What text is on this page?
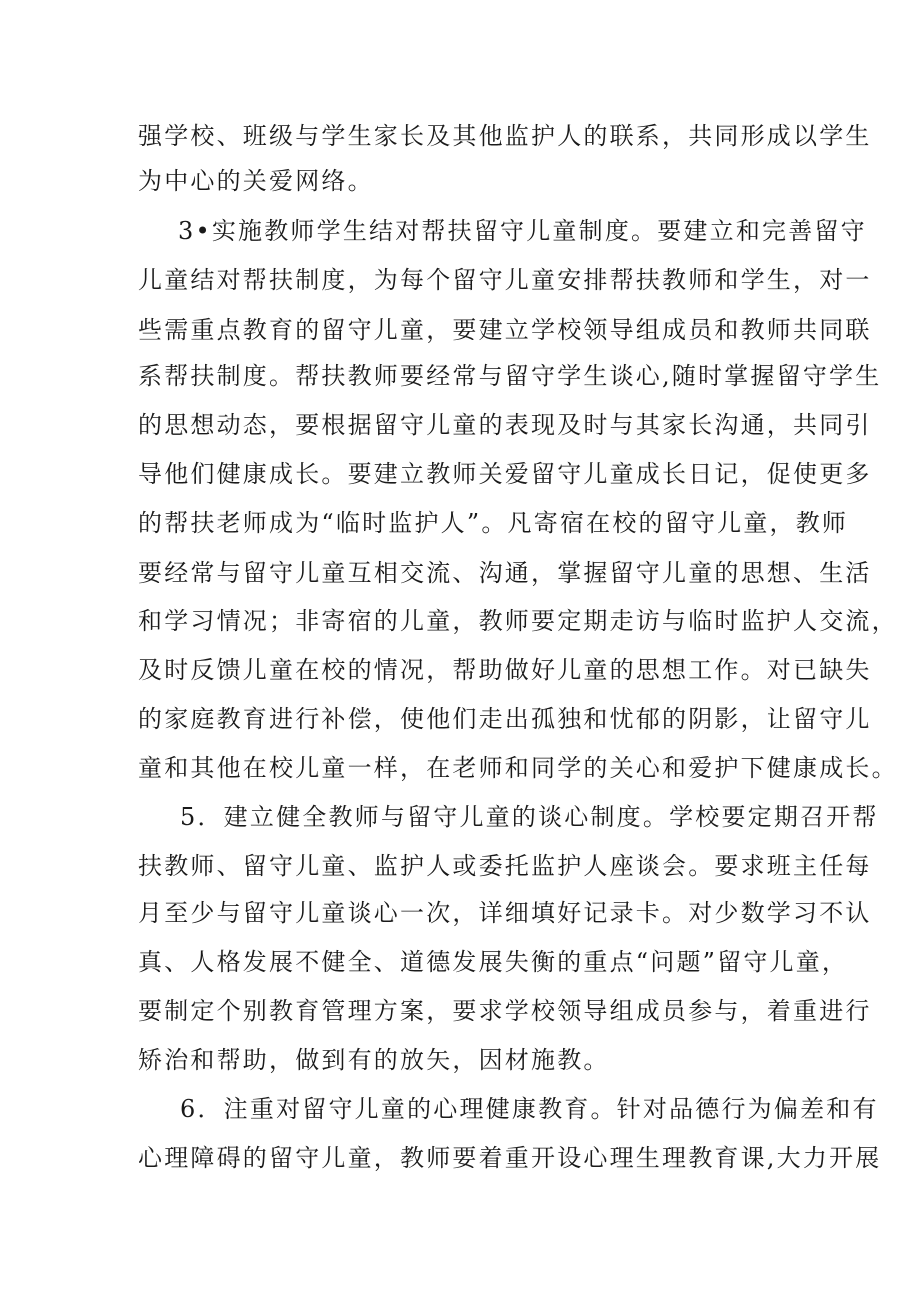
强学校、班级与学生家长及其他监护人的联系，共同形成以学生
为中心的关爱网络。
3•实施教师学生结对帮扶留守儿童制度。要建立和完善留守
儿童结对帮扶制度，为每个留守儿童安排帮扶教师和学生，对一
些需重点教育的留守儿童，要建立学校领导组成员和教师共同联
系帮扶制度。帮扶教师要经常与留守学生谈心,随时掌握留守学生
的思想动态，要根据留守儿童的表现及时与其家长沟通，共同引
导他们健康成长。要建立教师关爱留守儿童成长日记，促使更多
的帮扶老师成为“临时监护人”。凡寄宿在校的留守儿童，教师
要经常与留守儿童互相交流、沟通，掌握留守儿童的思想、生活
和学习情况；非寄宿的儿童，教师要定期走访与临时监护人交流，
及时反馈儿童在校的情况，帮助做好儿童的思想工作。对已缺失
的家庭教育进行补偿，使他们走出孤独和忧郁的阴影，让留守儿
童和其他在校儿童一样，在老师和同学的关心和爱护下健康成长。
5．建立健全教师与留守儿童的谈心制度。学校要定期召开帮
扶教师、留守儿童、监护人或委托监护人座谈会。要求班主任每
月至少与留守儿童谈心一次，详细填好记录卡。对少数学习不认
真、人格发展不健全、道德发展失衡的重点“问题”留守儿童，
要制定个别教育管理方案，要求学校领导组成员参与，着重进行
矫治和帮助，做到有的放矢，因材施教。
6．注重对留守儿童的心理健康教育。针对品德行为偏差和有
心理障碍的留守儿童，教师要着重开设心理生理教育课,大力开展
